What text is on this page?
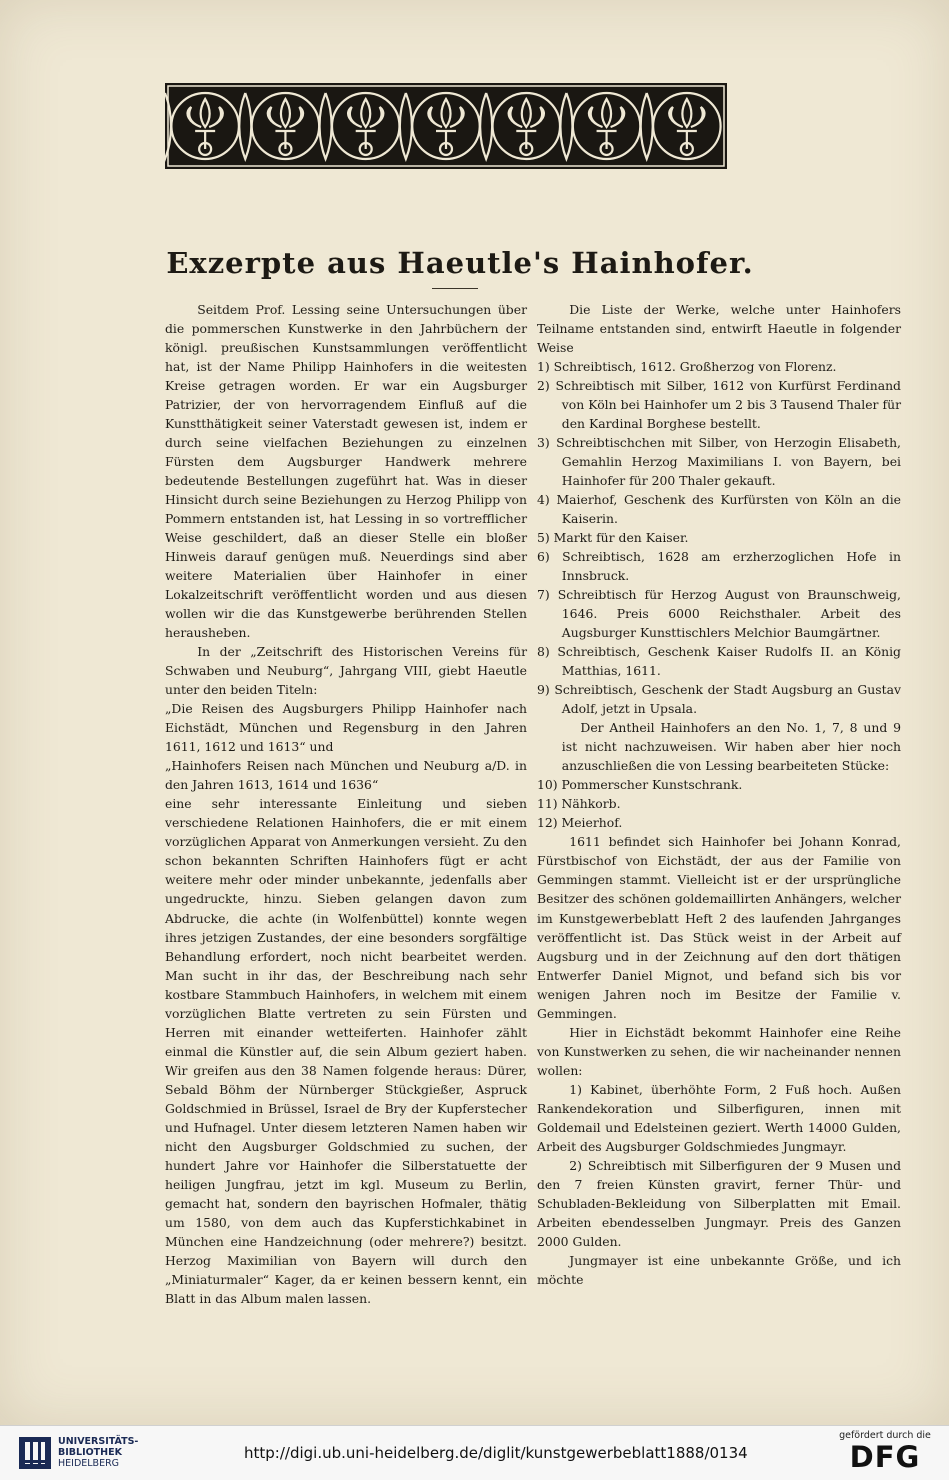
Exzerpte aus Haeutle's Hainhofer.

Seitdem Prof. Lessing seine Untersuchungen über die pommerschen Kunstwerke in den Jahrbüchern der königl. preußischen Kunstsammlungen veröffentlicht hat, ist der Name Philipp Hainhofers in die weitesten Kreise getragen worden. Er war ein Augsburger Patrizier, der von hervorragendem Einfluß auf die Kunstthätigkeit seiner Vaterstadt gewesen ist, indem er durch seine vielfachen Beziehungen zu einzelnen Fürsten dem Augsburger Handwerk mehrere bedeutende Bestellungen zugeführt hat. Was in dieser Hinsicht durch seine Beziehungen zu Herzog Philipp von Pommern entstanden ist, hat Lessing in so vortrefflicher Weise geschildert, daß an dieser Stelle ein bloßer Hinweis darauf genügen muß. Neuerdings sind aber weitere Materialien über Hainhofer in einer Lokalzeitschrift veröffentlicht worden und aus diesen wollen wir die das Kunstgewerbe berührenden Stellen herausheben.

In der „Zeitschrift des Historischen Vereins für Schwaben und Neuburg“, Jahrgang VIII, giebt Haeutle unter den beiden Titeln:

„Die Reisen des Augsburgers Philipp Hainhofer nach Eichstädt, München und Regensburg in den Jahren 1611, 1612 und 1613“ und

„Hainhofers Reisen nach München und Neuburg a/D. in den Jahren 1613, 1614 und 1636“

eine sehr interessante Einleitung und sieben verschiedene Relationen Hainhofers, die er mit einem vorzüglichen Apparat von Anmerkungen versieht. Zu den schon bekannten Schriften Hainhofers fügt er acht weitere mehr oder minder unbekannte, jedenfalls aber ungedruckte, hinzu. Sieben gelangen davon zum Abdrucke, die achte (in Wolfenbüttel) konnte wegen ihres jetzigen Zustandes, der eine besonders sorgfältige Behandlung erfordert, noch nicht bearbeitet werden. Man sucht in ihr das, der Beschreibung nach sehr kostbare Stammbuch Hainhofers, in welchem mit einem vorzüglichen Blatte vertreten zu sein Fürsten und Herren mit einander wetteiferten. Hainhofer zählt einmal die Künstler auf, die sein Album geziert haben. Wir greifen aus den 38 Namen folgende heraus: Dürer, Sebald Böhm der Nürnberger Stückgießer, Aspruck Goldschmied in Brüssel, Israel de Bry der Kupferstecher und Hufnagel. Unter diesem letzteren Namen haben wir nicht den Augsburger Goldschmied zu suchen, der hundert Jahre vor Hainhofer die Silberstatuette der heiligen Jungfrau, jetzt im kgl. Museum zu Berlin, gemacht hat, sondern den bayrischen Hofmaler, thätig um 1580, von dem auch das Kupferstichkabinet in München eine Handzeichnung (oder mehrere?) besitzt. Herzog Maximilian von Bayern will durch den „Miniaturmaler“ Kager, da er keinen bessern kennt, ein Blatt in das Album malen lassen.

Die Liste der Werke, welche unter Hainhofers Teilname entstanden sind, entwirft Haeutle in folgender Weise

1) Schreibtisch, 1612. Großherzog von Florenz.

2) Schreibtisch mit Silber, 1612 von Kurfürst Ferdinand von Köln bei Hainhofer um 2 bis 3 Tausend Thaler für den Kardinal Borghese bestellt.

3) Schreibtischchen mit Silber, von Herzogin Elisabeth, Gemahlin Herzog Maximilians I. von Bayern, bei Hainhofer für 200 Thaler gekauft.

4) Maierhof, Geschenk des Kurfürsten von Köln an die Kaiserin.

5) Markt für den Kaiser.

6) Schreibtisch, 1628 am erzherzoglichen Hofe in Innsbruck.

7) Schreibtisch für Herzog August von Braunschweig, 1646. Preis 6000 Reichsthaler. Arbeit des Augsburger Kunsttischlers Melchior Baumgärtner.

8) Schreibtisch, Geschenk Kaiser Rudolfs II. an König Matthias, 1611.

9) Schreibtisch, Geschenk der Stadt Augsburg an Gustav Adolf, jetzt in Upsala.

Der Antheil Hainhofers an den No. 1, 7, 8 und 9 ist nicht nachzuweisen. Wir haben aber hier noch anzuschließen die von Lessing bearbeiteten Stücke:

10) Pommerscher Kunstschrank.

11) Nähkorb.

12) Meierhof.

1611 befindet sich Hainhofer bei Johann Konrad, Fürstbischof von Eichstädt, der aus der Familie von Gemmingen stammt. Vielleicht ist er der ursprüngliche Besitzer des schönen goldemaillirten Anhängers, welcher im Kunstgewerbeblatt Heft 2 des laufenden Jahrganges veröffentlicht ist. Das Stück weist in der Arbeit auf Augsburg und in der Zeichnung auf den dort thätigen Entwerfer Daniel Mignot, und befand sich bis vor wenigen Jahren noch im Besitze der Familie v. Gemmingen.

Hier in Eichstädt bekommt Hainhofer eine Reihe von Kunstwerken zu sehen, die wir nacheinander nennen wollen:

1) Kabinet, überhöhte Form, 2 Fuß hoch. Außen Rankendekoration und Silberfiguren, innen mit Goldemail und Edelsteinen geziert. Werth 14000 Gulden, Arbeit des Augsburger Goldschmiedes Jungmayr.

2) Schreibtisch mit Silberfiguren der 9 Musen und den 7 freien Künsten gravirt, ferner Thür- und Schubladen-Bekleidung von Silberplatten mit Email. Arbeiten ebendesselben Jungmayr. Preis des Ganzen 2000 Gulden.

Jungmayer ist eine unbekannte Größe, und ich möchte

UNIVERSITÄTS-
BIBLIOTHEK
HEIDELBERG
http://digi.ub.uni-heidelberg.de/diglit/kunstgewerbeblatt1888/0134
gefördert durch die
DFG
